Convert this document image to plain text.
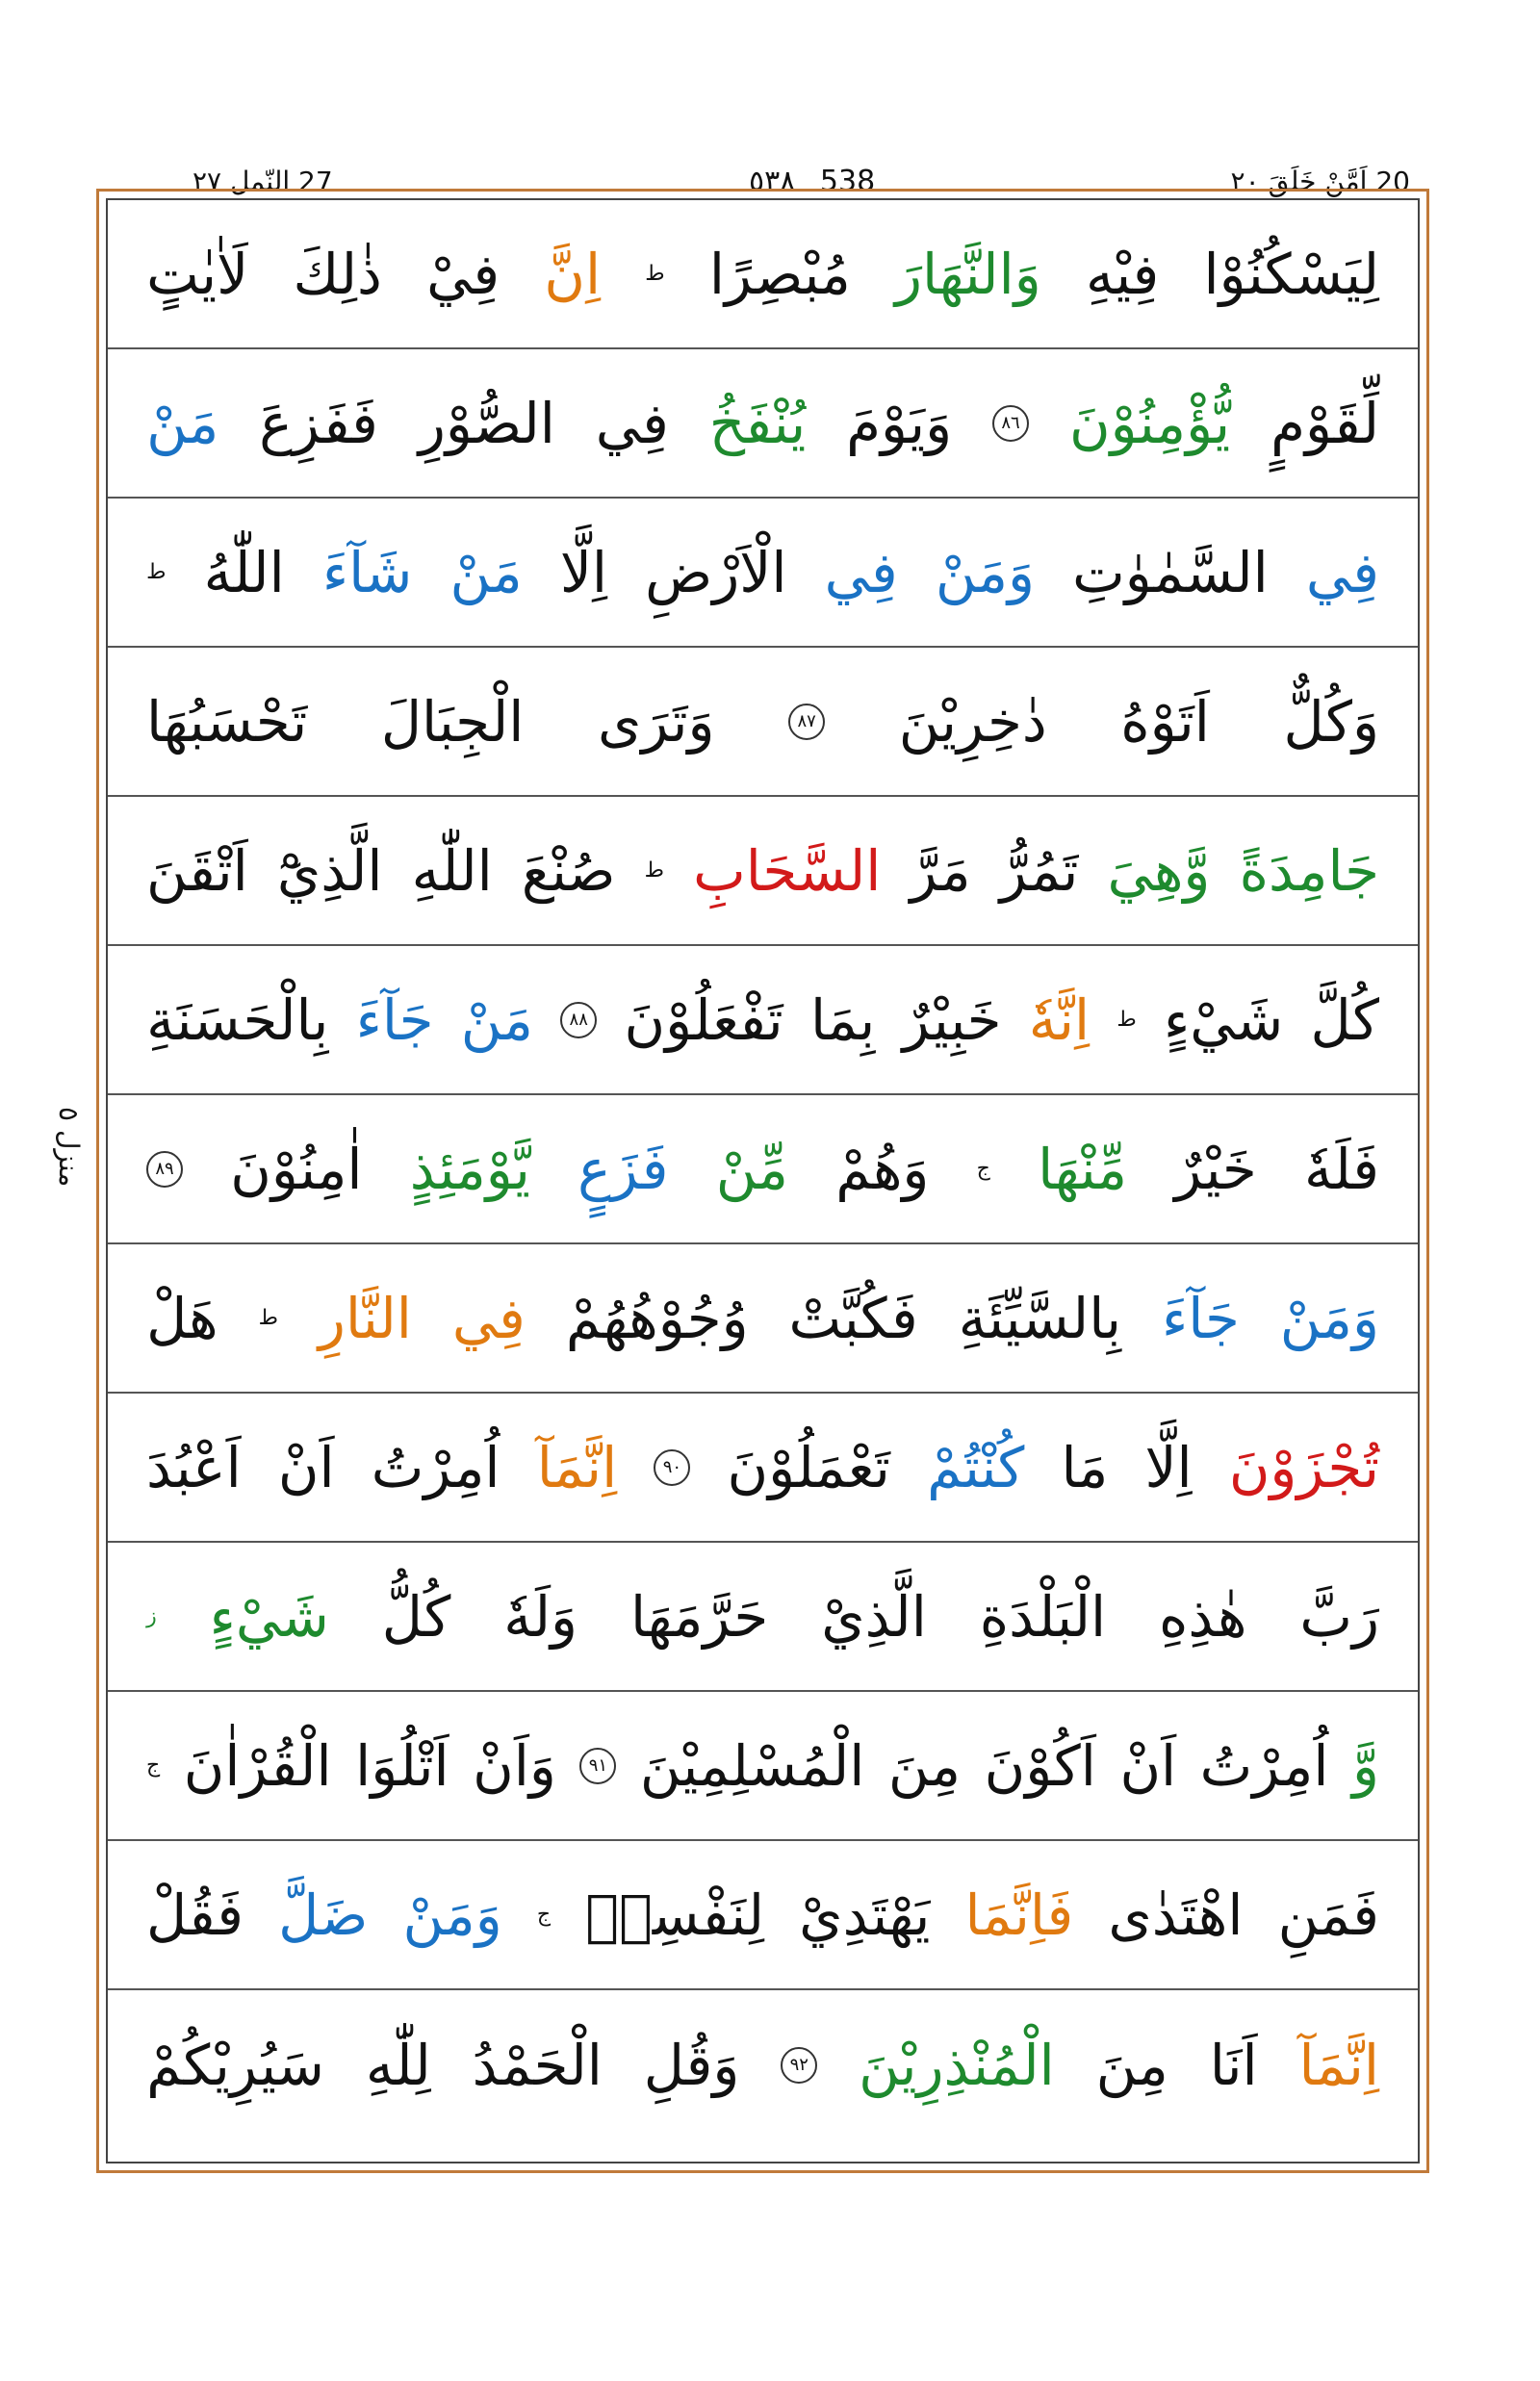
20 اَمَّنْ خَلَقَ ٢٠
٥٣٨ 538
27 النّمل ٢٧
منزل ٥
لِيَسْكُنُوْا
فِيْهِ
وَالنَّهَارَ
مُبْصِرًا
ط
اِنَّ
فِيْ
ذٰلِكَ
لَاٰيٰتٍ
لِّقَوْمٍ
يُّؤْمِنُوْنَ
٨٦
وَيَوْمَ
يُنْفَخُ
فِي
الصُّوْرِ
فَفَزِعَ
مَنْ
فِي
السَّمٰوٰتِ
وَمَنْ
فِي
الْاَرْضِ
اِلَّا
مَنْ
شَآءَ
اللّٰهُ
ط
وَكُلٌّ
اَتَوْهُ
دٰخِرِيْنَ
٨٧
وَتَرَى
الْجِبَالَ
تَحْسَبُهَا
جَامِدَةً
وَّهِيَ
تَمُرُّ
مَرَّ
السَّحَابِ
ط
صُنْعَ
اللّٰهِ
الَّذِيْٓ
اَتْقَنَ
كُلَّ
شَيْءٍ
ط
اِنَّهٗ
خَبِيْرٌ
بِمَا
تَفْعَلُوْنَ
٨٨
مَنْ
جَآءَ
بِالْحَسَنَةِ
فَلَهٗ
خَيْرٌ
مِّنْهَا
ج
وَهُمْ
مِّنْ
فَزَعٍ
يَّوْمَئِذٍ
اٰمِنُوْنَ
٨٩
وَمَنْ
جَآءَ
بِالسَّيِّئَةِ
فَكُبَّتْ
وُجُوْهُهُمْ
فِي
النَّارِ
ط
هَلْ
تُجْزَوْنَ
اِلَّا
مَا
كُنْتُمْ
تَعْمَلُوْنَ
٩٠
اِنَّمَآ
اُمِرْتُ
اَنْ
اَعْبُدَ
رَبَّ
هٰذِهِ
الْبَلْدَةِ
الَّذِيْ
حَرَّمَهَا
وَلَهٗ
كُلُّ
شَيْءٍ
ز
وَّ
اُمِرْتُ
اَنْ
اَكُوْنَ
مِنَ
الْمُسْلِمِيْنَ
٩١
وَاَنْ
اَتْلُوَا
الْقُرْاٰنَ
ج
فَمَنِ
اهْتَدٰى
فَاِنَّمَا
يَهْتَدِيْ
لِنَفْسِهٖ
ج
وَمَنْ
ضَلَّ
فَقُلْ
اِنَّمَآ
اَنَا
مِنَ
الْمُنْذِرِيْنَ
٩٢
وَقُلِ
الْحَمْدُ
لِلّٰهِ
سَيُرِيْكُمْ
